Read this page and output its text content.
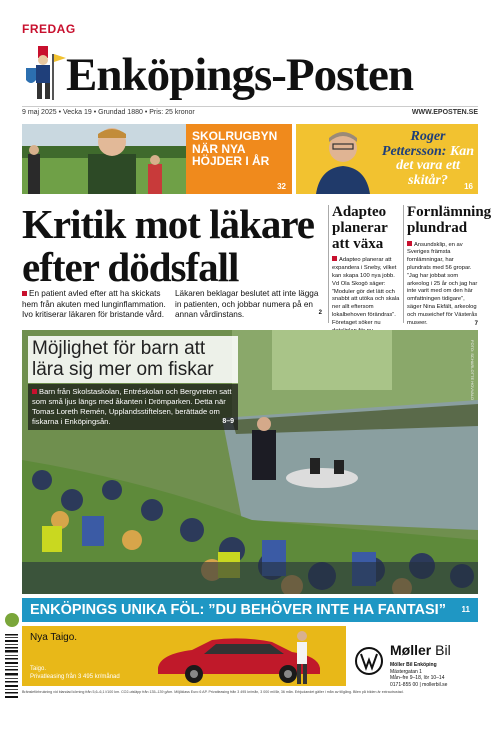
FREDAG
Enköpings-Posten
9 maj 2025 • Vecka 19 • Grundad 1880 • Pris: 25 kronor	WWW.EPOSTEN.SE
SKOLRUGBYN NÄR NYA HÖJDER I ÅR
32
Roger Pettersson: Kan det vara ett skitår?	16
Kritik mot läkare efter dödsfall
En patient avled efter att ha skickats hem från akuten med lunginflammation. Ivo kritiserar läkaren för bristande vård. Läkaren beklagar beslutet att inte lägga in patienten, och jobbar numera på en annan vårdinstans.	2
Adapteo planerar att växa
Adapteo planerar att expandera i Sneby, vilket kan skapa 100 nya jobb. Vd Ola Skogö säger: ”Moduler gör det lätt och snabbt att utöka och skala ner allt eftersom lokalbehoven förändras”. Företaget söker nu
Fornlämning plundrad
Ansundsklip, en av Sveriges främsta fornlämningar, har plundrats med 56 gropar. ”Jag har jobbat som arkeolog i 25 år och jag har inte varit med om den här omfattningen tidigare”, säger Nina Ekfält, arkeolog och museichef för Västerås museer.	7
Möjlighet för barn att lära sig mer om fiskar
Barn från Skolstaskolan, Entréskolan och Bergvreten satt som små ljus längs med åkanten i Drömparken. Detta när Tomas Loreth Remén, Upplandsstiftelsen, berättade om fiskarna i Enköpingsån.	8–9
FOTO: SCHARLOTTE HOVVALD
ENKÖPINGS UNIKA FÖL: ”DU BEHÖVER INTE HA FANTASI” 11
Nya Taigo.
Taigo.
Privatleasing från 3 495 kr/månad
Møller Bil
Möller Bil Enköping
Mästergatan 1
Mån–fre 9–18, lör 10–14
0171-855 00 | mollerbil.se
Bränsleförbrukning vid blandad körning från 5,6–6,1 l/100 km. CO2-utsläpp från 135–139 g/km. Miljöklass Euro 6 AP. Privatleasing från 3 495 kr/mån, 3 000 mil/år, 36 mån. Erbjudandet gäller i mån av tillgång. Bilen på bilden är extrautrustad.
